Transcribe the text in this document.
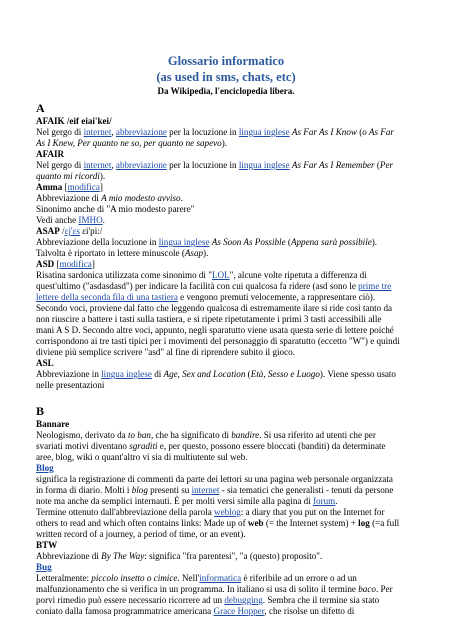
Glossario informatico
(as used in sms, chats, etc)
Da Wikipedia, l'enciclopedia libera.
A
AFAIK /eif eiai'kei/
Nel gergo di internet, abbreviazione per la locuzione in lingua inglese As Far As I Know (o As Far
As I Knew, Per quanto ne so, per quanto ne sapevo).
AFAIR
Nel gergo di internet, abbreviazione per la locuzione in lingua inglese As Far As I Remember (Per
quanto mi ricordi).
Amma [modifica]
Abbreviazione di A mio modesto avviso.
Sinonimo anche di "A mio modesto parere"
Vedi anche IMHO.
ASAP /ɛj'ɛs ɛi'pi:/
Abbreviazione della locuzione in lingua inglese As Soon As Possible (Appena sarà possibile).
Talvolta è riportato in lettere minuscole (Asap).
ASD [modifica]
Risatina sardonica utilizzata come sinonimo di "LOL", alcune volte ripetuta a differenza di
quest'ultimo ("asdasdasd") per indicare la facilità con cui qualcosa fa ridere (asd sono le prime tre
lettere della seconda fila di una tastiera e vengono premuti velocemente, a rappresentare ciò).
Secondo voci, proviene dal fatto che leggendo qualcosa di estremamente ilare si ride così tanto da
non riuscire a battere i tasti sulla tastiera, e si ripete ripetutamente i primi 3 tasti accessibili alle
mani A S D. Secondo altre voci, appunto, negli sparatutto viene usata questa serie di lettere poiché
corrispondono ai tre tasti tipici per i movimenti del personaggio di sparatutto (eccetto "W") e quindi
diviene più semplice scrivere "asd" al fine di riprendere subito il gioco.
ASL
Abbreviazione in lingua inglese di Age, Sex and Location (Età, Sesso e Luogo). Viene spesso usato
nelle presentazioni
B
Bannare
Neologismo, derivato da to ban, che ha significato di bandire. Si usa riferito ad utenti che per
svariati motivi diventano sgraditi e, per questo, possono essere bloccati (banditi) da determinate
aree, blog, wiki o quant'altro vi sia di multiutente sul web.
Blog
significa la registrazione di commenti da parte dei lettori su una pagina web personale organizzata
in forma di diario. Molti i blog presenti su internet - sia tematici che generalisti - tenuti da persone
note ma anche da semplici internauti. È per molti versi simile alla pagina di forum.
Termine ottenuto dall'abbreviazione della parola weblog: a diary that you put on the Internet for
others to read and which often contains links: Made up of web (= the Internet system) + log (=a full
written record of a journey, a period of time, or an event).
BTW
Abbreviazione di By The Way: significa "fra parentesi", "a (questo) proposito".
Bug
Letteralmente: piccolo insetto o cimice. Nell'informatica è riferibile ad un errore o ad un
malfunzionamento che si verifica in un programma. In italiano si usa di solito il termine baco. Per
porvi rimedio può essere necessario ricorrere ad un debugging. Sembra che il termine sia stato
coniato dalla famosa programmatrice americana Grace Hopper, che risolse un difetto di
